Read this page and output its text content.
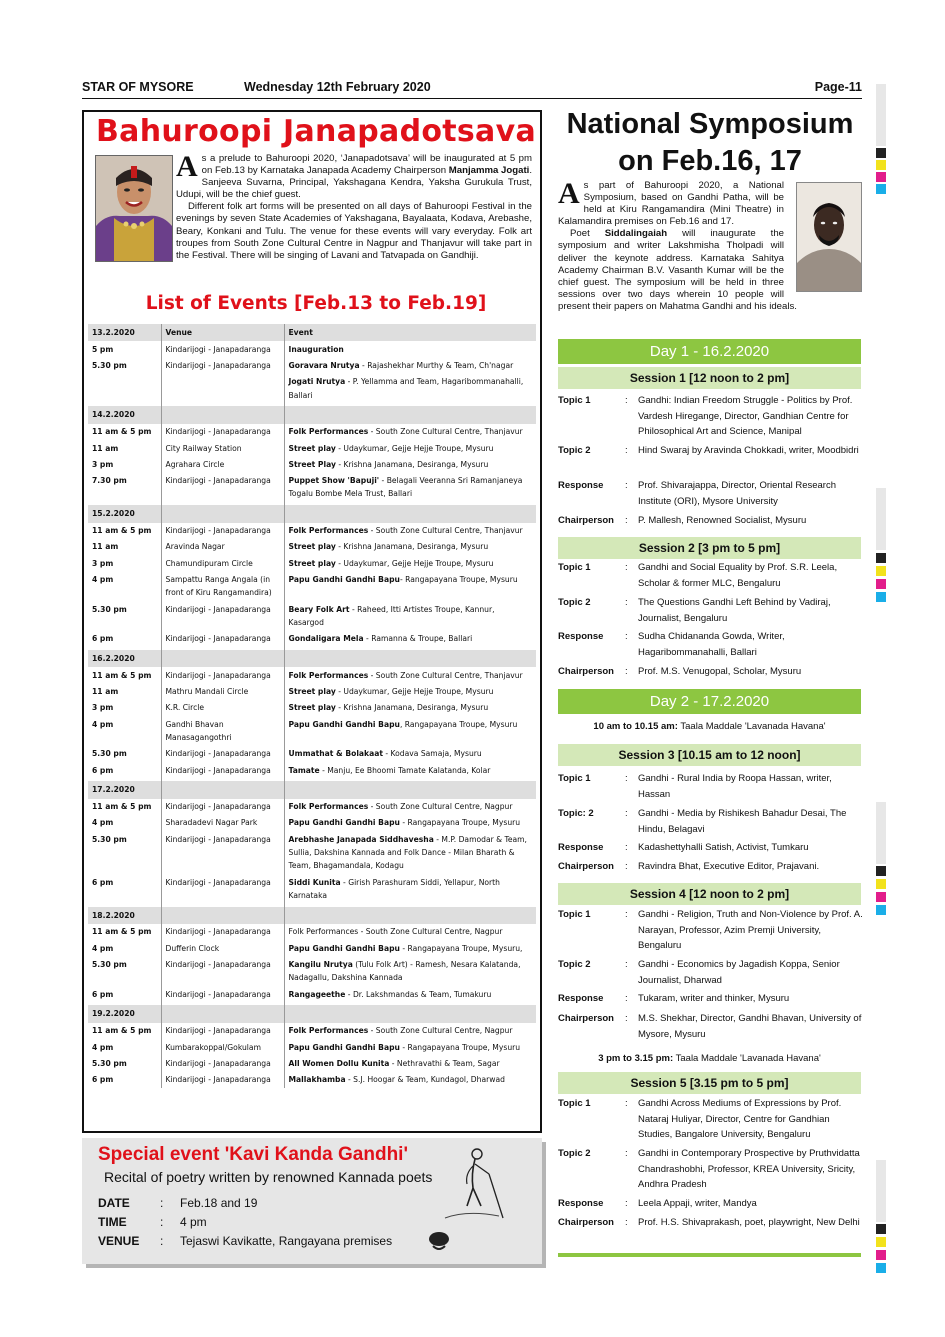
STAR OF MYSORE	Wednesday 12th February 2020	Page-11
Bahuroopi Janapadotsava

As a prelude to Bahuroopi 2020, ‘Janapadotsava’ will be inaugurated at 5 pm on Feb.13 by Karnataka Janapada Academy Chairperson Manjamma Jogati. Sanjeeva Suvarna, Principal, Yakshagana Kendra, Yaksha Gurukula Trust, Udupi, will be the chief guest.

Different folk art forms will be presented on all days of Bahuroopi Festival in the evenings by seven State Academies of Yakshagana, Bayalaata, Kodava, Arebashe, Beary, Konkani and Tulu. The venue for these events will vary everyday. Folk art troupes from South Zone Cultural Centre in Nagpur and Thanjavur will take part in the Festival. There will be singing of Lavani and Tatvapada on Gandhiji.

List of Events [Feb.13 to Feb.19]
13.2.2020	Venue	Event
5 pm	Kindarijogi - Janapadaranga	Inauguration
5.30 pm	Kindarijogi - Janapadaranga	Goravara Nrutya - Rajashekhar Murthy & Team, Ch'nagar
		Jogati Nrutya - P. Yellamma and Team, Hagaribommanahalli, Ballari

14.2.2020		
11 am & 5 pm	Kindarijogi - Janapadaranga	Folk Performances - South Zone Cultural Centre, Thanjavur
11 am	City Railway Station	Street play - Udaykumar, Gejje Hejje Troupe, Mysuru
3 pm	Agrahara Circle	Street Play - Krishna Janamana, Desiranga, Mysuru
7.30 pm	Kindarijogi - Janapadaranga	Puppet Show 'Bapuji' - Belagali Veeranna Sri Ramanjaneya Togalu Bombe Mela Trust, Ballari

15.2.2020		
11 am & 5 pm	Kindarijogi - Janapadaranga	Folk Performances - South Zone Cultural Centre, Thanjavur
11 am	Aravinda Nagar	Street play - Krishna Janamana, Desiranga, Mysuru
3 pm	Chamundipuram Circle	Street play - Udaykumar, Gejje Hejje Troupe, Mysuru
4 pm	Sampattu Ranga Angala (in front of Kiru Rangamandira)	Papu Gandhi Gandhi Bapu- Rangapayana Troupe, Mysuru
5.30 pm	Kindarijogi - Janapadaranga	Beary Folk Art - Raheed, Itti Artistes Troupe, Kannur, Kasargod
6 pm	Kindarijogi - Janapadaranga	Gondaligara Mela - Ramanna & Troupe, Ballari

16.2.2020		
11 am & 5 pm	Kindarijogi - Janapadaranga	Folk Performances - South Zone Cultural Centre, Thanjavur
11 am	Mathru Mandali Circle	Street play - Udaykumar, Gejje Hejje Troupe, Mysuru
3 pm	K.R. Circle	Street play - Krishna Janamana, Desiranga, Mysuru
4 pm	Gandhi Bhavan Manasagangothri	Papu Gandhi Gandhi Bapu, Rangapayana Troupe, Mysuru
5.30 pm	Kindarijogi - Janapadaranga	Ummathat & Bolakaat - Kodava Samaja, Mysuru
6 pm	Kindarijogi - Janapadaranga	Tamate - Manju, Ee Bhoomi Tamate Kalatanda, Kolar

17.2.2020		
11 am & 5 pm	Kindarijogi - Janapadaranga	Folk Performances - South Zone Cultural Centre, Nagpur
4 pm	Sharadadevi Nagar Park	Papu Gandhi Gandhi Bapu - Rangapayana Troupe, Mysuru
5.30 pm	Kindarijogi - Janapadaranga	Arebhashe Janapada Siddhavesha - M.P. Damodar & Team, Sullia, Dakshina Kannada and Folk Dance - Milan Bharath & Team, Bhagamandala, Kodagu
6 pm	Kindarijogi - Janapadaranga	Siddi Kunita - Girish Parashuram Siddi, Yellapur, North Karnataka

18.2.2020		
11 am & 5 pm	Kindarijogi - Janapadaranga	Folk Performances - South Zone Cultural Centre, Nagpur
4 pm	Dufferin Clock	Papu Gandhi Gandhi Bapu - Rangapayana Troupe, Mysuru,
5.30 pm	Kindarijogi - Janapadaranga	Kangilu Nrutya (Tulu Folk Art) - Ramesh, Nesara Kalatanda, Nadagallu, Dakshina Kannada
6 pm	Kindarijogi - Janapadaranga	Rangageethe - Dr. Lakshmandas & Team, Tumakuru

19.2.2020		
11 am & 5 pm	Kindarijogi - Janapadaranga	Folk Performances - South Zone Cultural Centre, Nagpur
4 pm	Kumbarakoppal/Gokulam	Papu Gandhi Gandhi Bapu - Rangapayana Troupe, Mysuru
5.30 pm	Kindarijogi - Janapadaranga	All Women Dollu Kunita - Nethravathi & Team, Sagar
6 pm	Kindarijogi - Janapadaranga	Mallakhamba - S.J. Hoogar & Team, Kundagol, Dharwad
Special event 'Kavi Kanda Gandhi'
Recital of poetry written by renowned Kannada poets
DATE	: Feb.18 and 19
TIME	: 4 pm
VENUE : Tejaswi Kavikatte, Rangayana premises
National Symposium
on Feb.16, 17

As part of Bahuroopi 2020, a National Symposium, based on Gandhi Patha, will be held at Kiru Rangamandira (Mini Theatre) in Kalamandira premises on Feb.16 and 17.

Poet Siddalingaiah will inaugurate the symposium and writer Lakshmisha Tholpadi will deliver the keynote address. Karnataka Sahitya Academy Chairman B.V. Vasanth Kumar will be the chief guest. The symposium will be held in three sessions over two days wherein 10 people will present their papers on Mahatma Gandhi and his ideals.

Day 1 - 16.2.2020
Session 1 [12 noon to 2 pm]
Topic 1	: Gandhi: Indian Freedom Struggle - Politics by Prof. Vardesh Hiregange, Director, Gandhian Centre for Philosophical Art and Science, Manipal
Topic 2	: Hind Swaraj by Aravinda Chokkadi, writer, Moodbidri
Response : Prof. Shivarajappa, Director, Oriental Research Institute (ORI), Mysore University
Chairperson : P. Mallesh, Renowned Socialist, Mysuru
Session 2 [3 pm to 5 pm]
Topic 1	: Gandhi and Social Equality by Prof. S.R. Leela, Scholar & former MLC, Bengaluru
Topic 2	: The Questions Gandhi Left Behind by Vadiraj, Journalist, Bengaluru
Response : Sudha Chidananda Gowda, Writer, Hagaribommanahalli, Ballari
Chairperson : Prof. M.S. Venugopal, Scholar, Mysuru
Day 2 - 17.2.2020
10 am to 10.15 am: Taala Maddale 'Lavanada Havana'
Session 3 [10.15 am to 12 noon]
Topic 1	: Gandhi - Rural India by Roopa Hassan, writer, Hassan
Topic: 2	: Gandhi - Media by Rishikesh Bahadur Desai, The Hindu, Belagavi
Response : Kadashettyhalli Satish, Activist, Tumkaru
Chairperson : Ravindra Bhat, Executive Editor, Prajavani.
Session 4 [12 noon to 2 pm]
Topic 1	: Gandhi - Religion, Truth and Non-Violence by Prof. A. Narayan, Professor, Azim Premji University, Bengaluru
Topic 2	: Gandhi - Economics by Jagadish Koppa, Senior Journalist, Dharwad
Response : Tukaram, writer and thinker, Mysuru
Chairperson : M.S. Shekhar, Director, Gandhi Bhavan, University of Mysore, Mysuru
3 pm to 3.15 pm: Taala Maddale 'Lavanada Havana'
Session 5 [3.15 pm to 5 pm]
Topic 1	: Gandhi Across Mediums of Expressions by Prof. Nataraj Huliyar, Director, Centre for Gandhian Studies, Bangalore University, Bengaluru
Topic 2	: Gandhi in Contemporary Prospective by Pruthvidatta Chandrashobhi, Professor, KREA University, Sricity, Andhra Pradesh
Response : Leela Appaji, writer, Mandya
Chairperson : Prof. H.S. Shivaprakash, poet, playwright, New Delhi
